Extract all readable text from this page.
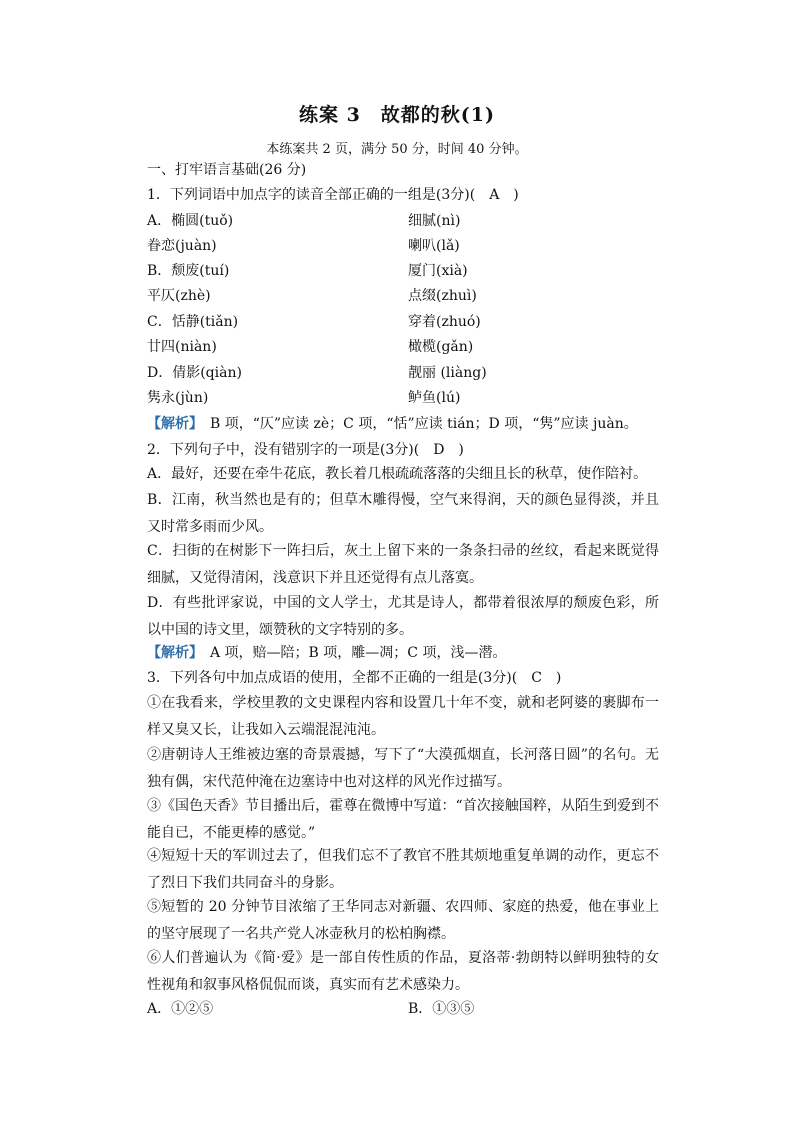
练案 3　故都的秋(1)
本练案共 2 页，满分 50 分，时间 40 分钟。
一、打牢语言基础(26 分)
1．下列词语中加点字的读音全部正确的一组是(3分)(　A　)
A．椭圆(tuǒ)	细腻(nì)
眷恋(juàn)	喇叭(lǎ)
B．颓废(tuí)	厦门(xià)
平仄(zhè)	点缀(zhuì)
C．恬静(tiǎn)	穿着(zhuó)
廿四(niàn)	橄榄(gǎn)
D．倩影(qiàn)	靓丽 (liàng)
隽永(jùn)	鲈鱼(lú)
【解析】　B 项，“仄”应读 zè；C 项，“恬”应读 tián；D 项，“隽”应读 juàn。
2．下列句子中，没有错别字的一项是(3分)(　D　)
A．最好，还要在牵牛花底，教长着几根疏疏落落的尖细且长的秋草，使作陪衬。
B．江南，秋当然也是有的；但草木雕得慢，空气来得润，天的颜色显得淡，并且又时常多雨而少风。
C．扫街的在树影下一阵扫后，灰土上留下来的一条条扫帚的丝纹，看起来既觉得细腻，又觉得清闲，浅意识下并且还觉得有点儿落寞。
D．有些批评家说，中国的文人学士，尤其是诗人，都带着很浓厚的颓废色彩，所以中国的诗文里，颂赞秋的文字特别的多。
【解析】　A 项，赔—陪；B 项，雕—凋；C 项，浅—潜。
3．下列各句中加点成语的使用，全都不正确的一组是(3分)(　C　)
①在我看来，学校里教的文史课程内容和设置几十年不变，就和老阿婆的裹脚布一样又臭又长，让我如入云端混混沌沌。
②唐朝诗人王维被边塞的奇景震撼，写下了“大漠孤烟直，长河落日圆”的名句。无独有偶，宋代范仲淹在边塞诗中也对这样的风光作过描写。
③《国色天香》节目播出后，霍尊在微博中写道：“首次接触国粹，从陌生到爱到不能自已，不能更棒的感觉。”
④短短十天的军训过去了，但我们忘不了教官不胜其烦地重复单调的动作，更忘不了烈日下我们共同奋斗的身影。
⑤短暂的 20 分钟节目浓缩了王华同志对新疆、农四师、家庭的热爱，他在事业上的坚守展现了一名共产党人冰壶秋月的松柏胸襟。
⑥人们普遍认为《简·爱》是一部自传性质的作品，夏洛蒂·勃朗特以鲜明独特的女性视角和叙事风格侃侃而谈，真实而有艺术感染力。
A．①②⑤	B．①③⑤
